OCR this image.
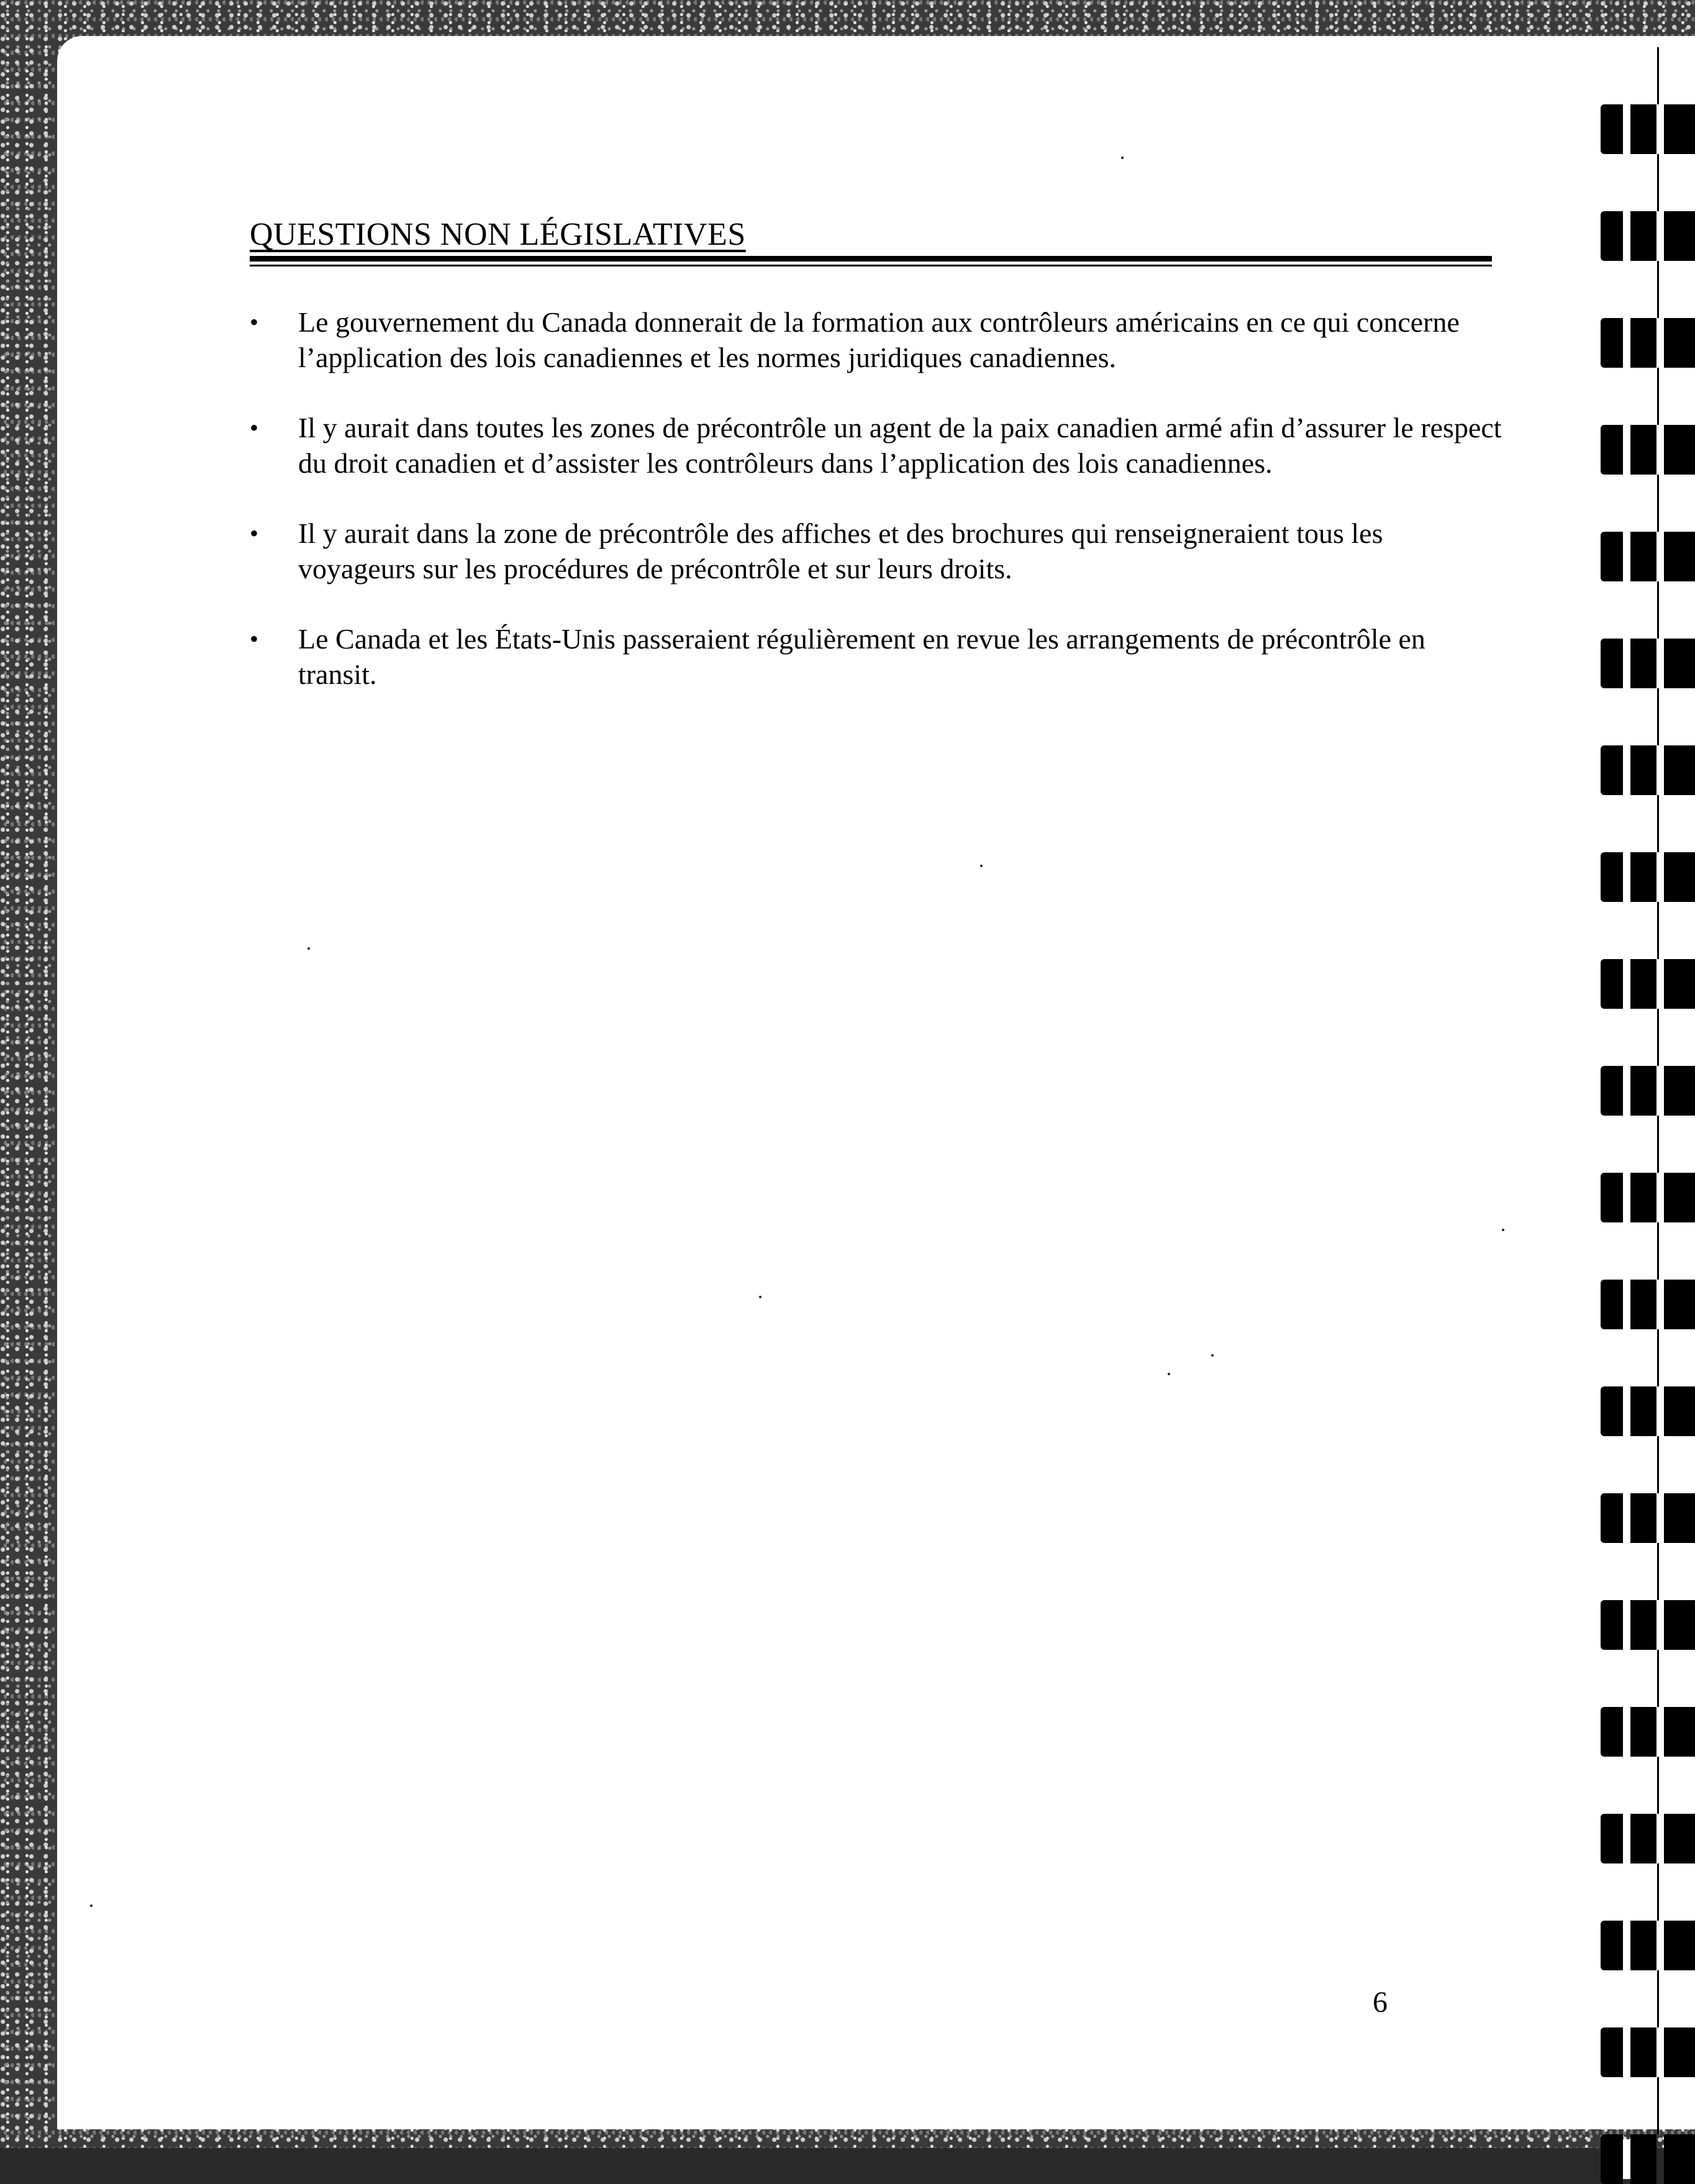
QUESTIONS NON LÉGISLATIVES
• Le gouvernement du Canada donnerait de la formation aux contrôleurs américains en ce qui concerne l’application des lois canadiennes et les normes juridiques canadiennes.
• Il y aurait dans toutes les zones de précontrôle un agent de la paix canadien armé afin d’assurer le respect du droit canadien et d’assister les contrôleurs dans l’application des lois canadiennes.
• Il y aurait dans la zone de précontrôle des affiches et des brochures qui renseigneraient tous les voyageurs sur les procédures de précontrôle et sur leurs droits.
• Le Canada et les États-Unis passeraient régulièrement en revue les arrangements de précontrôle en transit.
6
